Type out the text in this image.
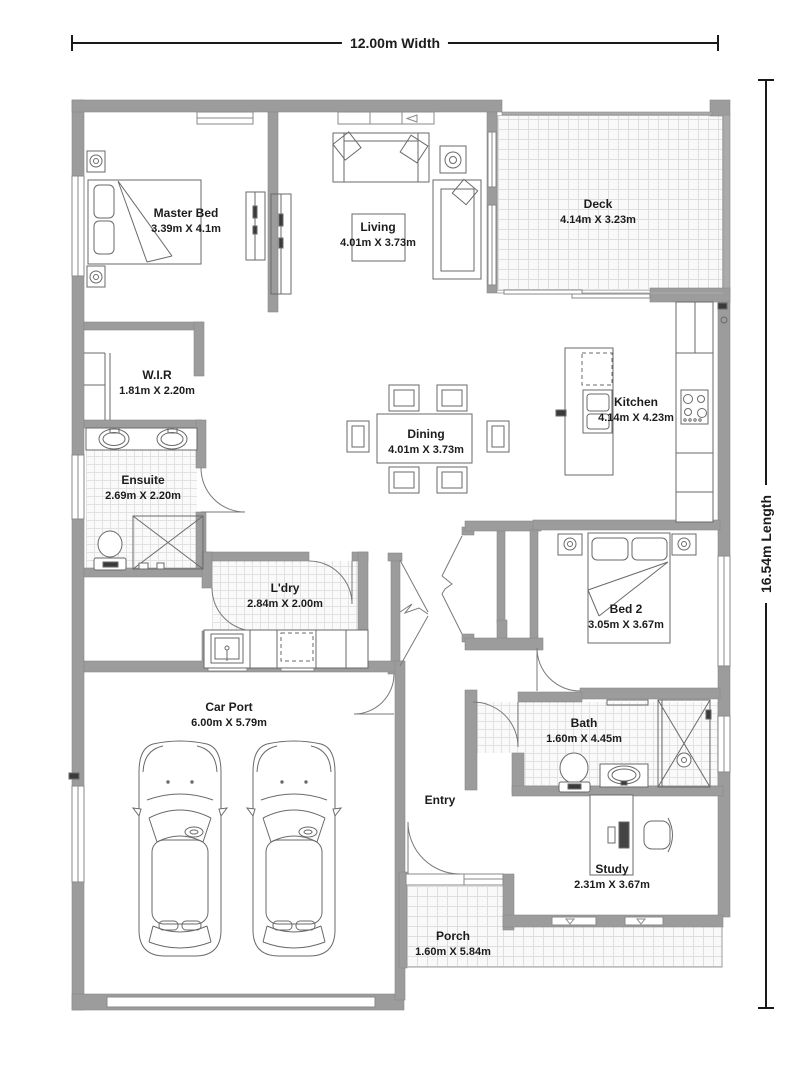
12.00m Width
16.54m Length
Master Bed
3.39m X 4.1m	Living
4.01m X 3.73m
Deck
4.14m X 3.23m
W.I.R
1.81m X 2.20m
Kitchen
4.14m X 4.23m
Dining
4.01m X 3.73m
Ensuite
2.69m X 2.20m
L'dry
2.84m X 2.00m	Bed 2
3.05m X 3.67m
Car Port
6.00m X 5.79m	Bath
1.60m X 4.45m
Entry
Study
2.31m X 3.67m
Porch
1.60m X 5.84m
